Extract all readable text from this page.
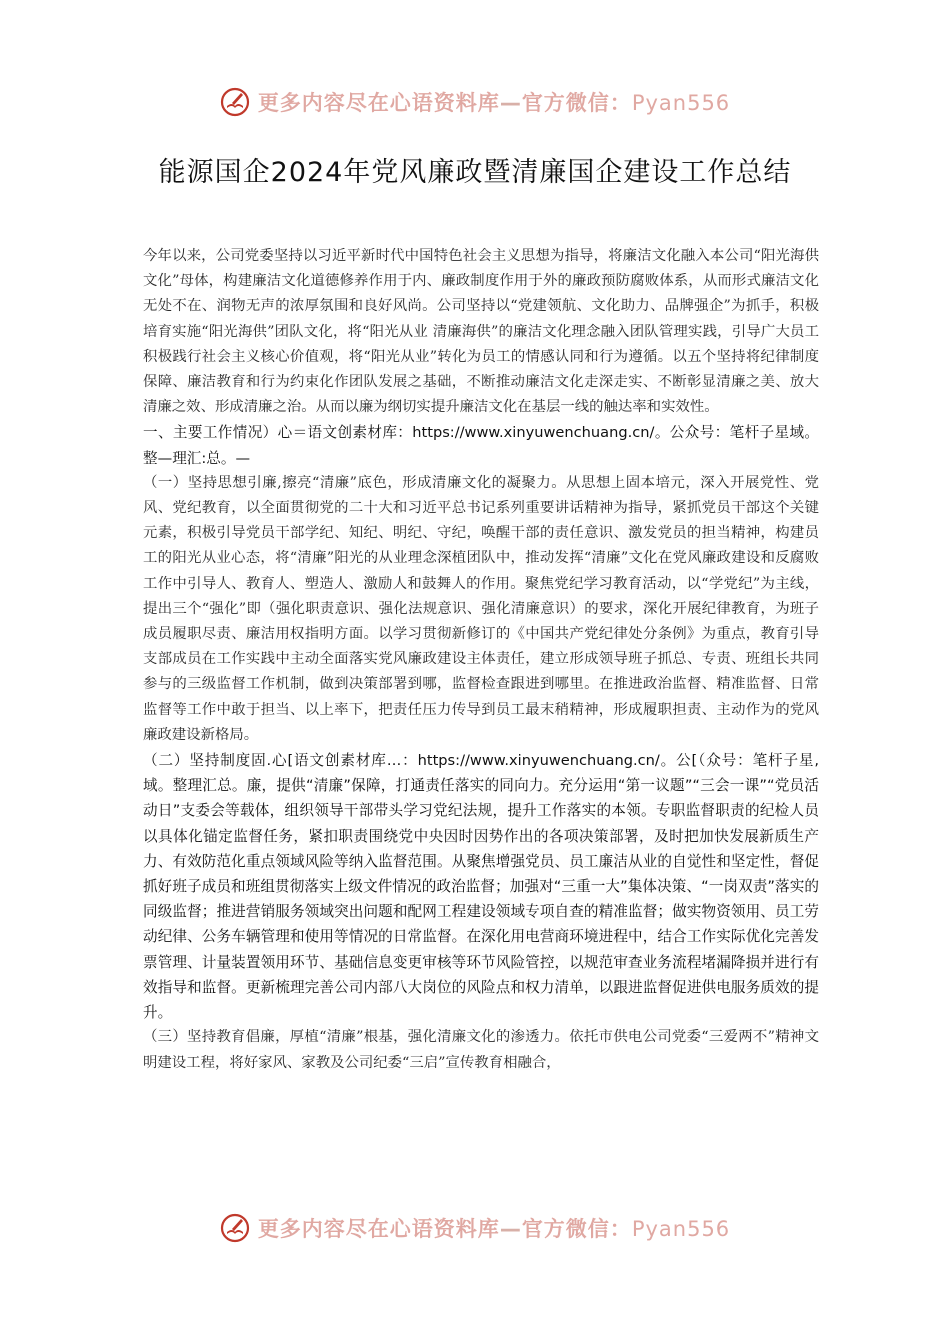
更多内容尽在心语资料库—官方微信：Pyan556
能源国企2024年党风廉政暨清廉国企建设工作总结

今年以来，公司党委坚持以习近平新时代中国特色社会主义思想为指导，将廉洁文化融入本公司“阳光海供文化”母体，构建廉洁文化道德修养作用于内、廉政制度作用于外的廉政预防腐败体系，从而形式廉洁文化无处不在、润物无声的浓厚氛围和良好风尚。公司坚持以“党建领航、文化助力、品牌强企”为抓手，积极培育实施“阳光海供”团队文化，将“阳光从业 清廉海供”的廉洁文化理念融入团队管理实践，引导广大员工积极践行社会主义核心价值观，将“阳光从业”转化为员工的情感认同和行为遵循。以五个坚持将纪律制度保障、廉洁教育和行为约束化作团队发展之基础，不断推动廉洁文化走深走实、不断彰显清廉之美、放大清廉之效、形成清廉之治。从而以廉为纲切实提升廉洁文化在基层一线的触达率和实效性。

一、主要工作情况）心＝语文创素材库：https://www.xinyuwenchuang.cn/。公众号：笔杆子星域。整—理汇:总。—

（一）坚持思想引廉,擦亮“清廉”底色，形成清廉文化的凝聚力。从思想上固本培元，深入开展党性、党风、党纪教育，以全面贯彻党的二十大和习近平总书记系列重要讲话精神为指导，紧抓党员干部这个关键元素，积极引导党员干部学纪、知纪、明纪、守纪，唤醒干部的责任意识、激发党员的担当精神，构建员工的阳光从业心态，将“清廉”阳光的从业理念深植团队中，推动发挥“清廉”文化在党风廉政建设和反腐败工作中引导人、教育人、塑造人、激励人和鼓舞人的作用。聚焦党纪学习教育活动，以“学党纪”为主线，提出三个“强化”即（强化职责意识、强化法规意识、强化清廉意识）的要求，深化开展纪律教育，为班子成员履职尽责、廉洁用权指明方面。以学习贯彻新修订的《中国共产党纪律处分条例》为重点，教育引导支部成员在工作实践中主动全面落实党风廉政建设主体责任，建立形成领导班子抓总、专责、班组长共同参与的三级监督工作机制，做到决策部署到哪，监督检查跟进到哪里。在推进政治监督、精准监督、日常监督等工作中敢于担当、以上率下，把责任压力传导到员工最末稍精神，形成履职担责、主动作为的党风廉政建设新格局。

（二）坚持制度固.心[语文创素材库…：https://www.xinyuwenchuang.cn/。公[（众号：笔杆子星,域。整理汇总。廉，提供“清廉”保障，打通责任落实的同向力。充分运用“第一议题”“三会一课”“党员活动日”支委会等载体，组织领导干部带头学习党纪法规，提升工作落实的本领。专职监督职责的纪检人员以具体化锚定监督任务，紧扣职责围绕党中央因时因势作出的各项决策部署，及时把加快发展新质生产力、有效防范化重点领域风险等纳入监督范围。从聚焦增强党员、员工廉洁从业的自觉性和坚定性，督促抓好班子成员和班组贯彻落实上级文件情况的政治监督；加强对“三重一大”集体决策、“一岗双责”落实的同级监督；推进营销服务领域突出问题和配网工程建设领域专项自查的精准监督；做实物资领用、员工劳动纪律、公务车辆管理和使用等情况的日常监督。在深化用电营商环境进程中，结合工作实际优化完善发票管理、计量装置领用环节、基础信息变更审核等环节风险管控，以规范审查业务流程堵漏降损并进行有效指导和监督。更新梳理完善公司内部八大岗位的风险点和权力清单，以跟进监督促进供电服务质效的提升。

（三）坚持教育倡廉，厚植“清廉”根基，强化清廉文化的渗透力。依托市供电公司党委“三爱两不”精神文明建设工程，将好家风、家教及公司纪委“三启”宣传教育相融合，

更多内容尽在心语资料库—官方微信：Pyan556
